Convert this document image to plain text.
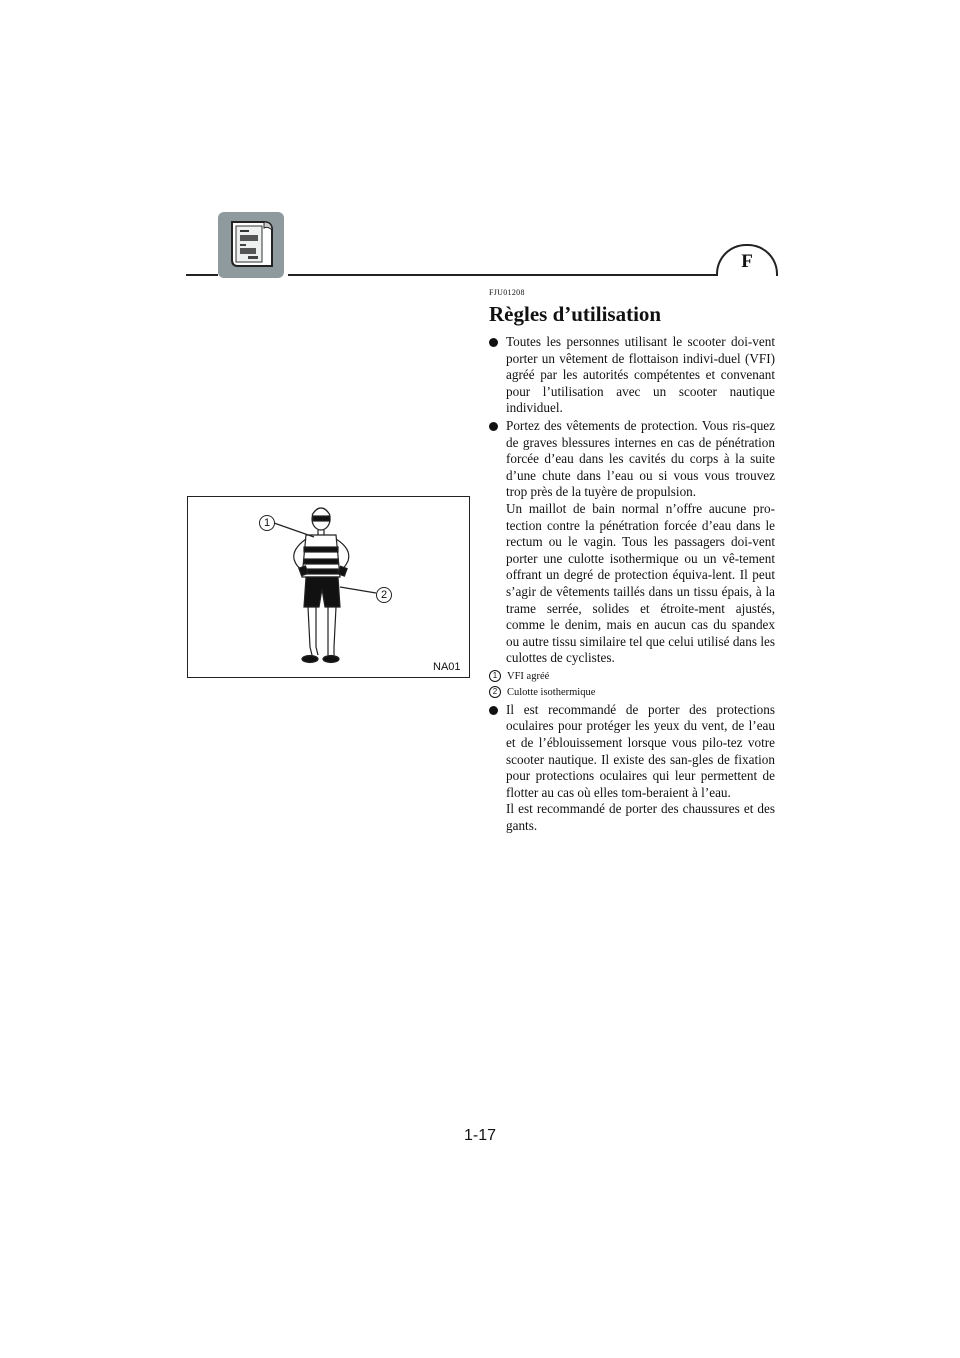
F
1
2
NA01
FJU01208
Règles d’utilisation

Toutes les personnes utilisant le scooter doi-vent porter un vêtement de flottaison indivi-duel (VFI) agréé par les autorités compétentes et convenant pour l’utilisation avec un scooter nautique individuel.

Portez des vêtements de protection. Vous ris-quez de graves blessures internes en cas de pénétration forcée d’eau dans les cavités du corps à la suite d’une chute dans l’eau ou si vous vous trouvez trop près de la tuyère de propulsion.

Un maillot de bain normal n’offre aucune pro-tection contre la pénétration forcée d’eau dans le rectum ou le vagin. Tous les passagers doi-vent porter une culotte isothermique ou un vê-tement offrant un degré de protection équiva-lent. Il peut s’agir de vêtements taillés dans un tissu épais, à la trame serrée, solides et étroite-ment ajustés, comme le denim, mais en aucun cas du spandex ou autre tissu similaire tel que celui utilisé dans les culottes de cyclistes.

1 VFI agréé
2 Culotte isothermique

Il est recommandé de porter des protections oculaires pour protéger les yeux du vent, de l’eau et de l’éblouissement lorsque vous pilo-tez votre scooter nautique. Il existe des san-gles de fixation pour protections oculaires qui leur permettent de flotter au cas où elles tom-beraient à l’eau.

Il est recommandé de porter des chaussures et des gants.

1-17
